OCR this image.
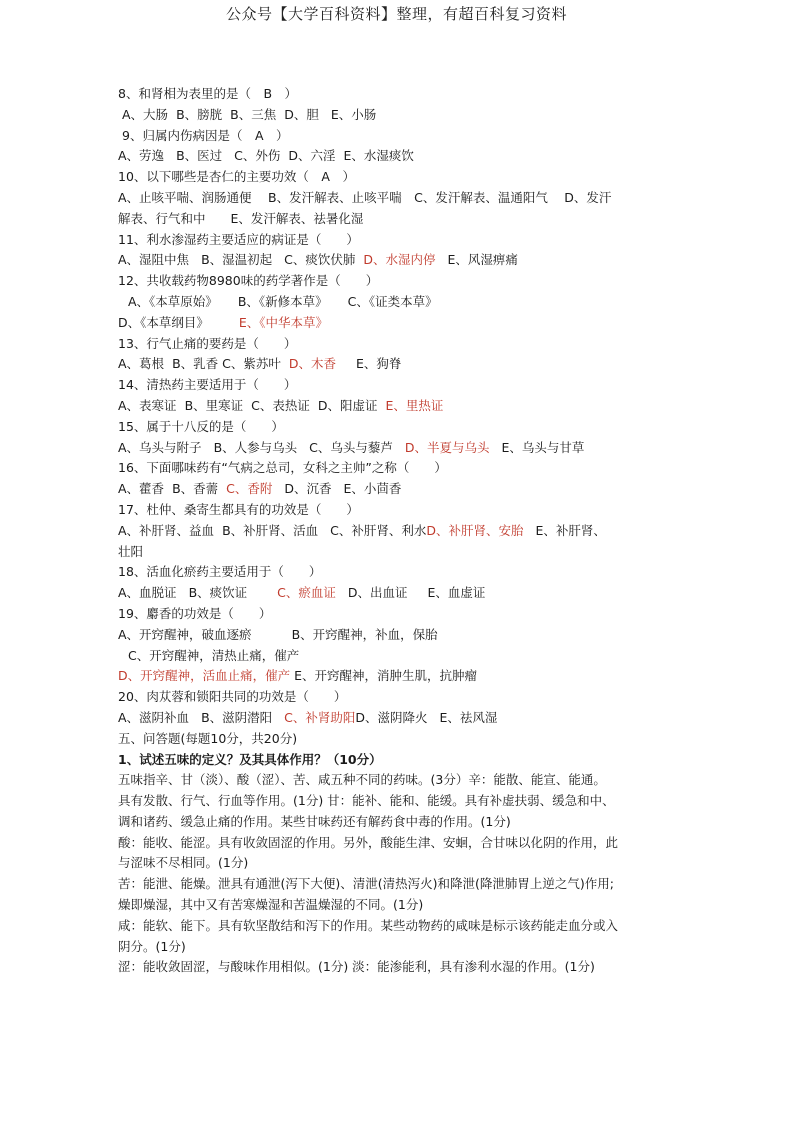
公众号【大学百科资料】整理，有超百科复习资料
8、和肾相为表里的是（　B　）
A、大肠 B、膀胱 B、三焦 D、胆 E、小肠
9、归属内伤病因是（　A　）
A、劳逸 B、医过 C、外伤 D、六淫 E、水湿痰饮
10、以下哪些是杏仁的主要功效（　A　）
A、止咳平喘、润肠通便　 B、发汗解表、止咳平喘　C、发汗解表、温通阳气　 D、发汗
解表、行气和中　　E、发汗解表、祛暑化湿
11、利水渗湿药主要适应的病证是（　　）
A、湿阻中焦 B、湿温初起 C、痰饮伏肺 D、水湿内停 E、风湿痹痛
12、共收载药物8980味的药学著作是（　　）
A、《本草原始》 B、《新修本草》 C、《证类本草》
D、《本草纲目》 E、《中华本草》
13、行气止痛的要药是（　　）
A、葛根 B、乳香 C、紫苏叶 D、木香 E、狗脊
14、清热药主要适用于（　　）
A、表寒证 B、里寒证 C、表热证 D、阳虚证 E、里热证
15、属于十八反的是（　　）
A、乌头与附子 B、人参与乌头 C、乌头与藜芦 D、半夏与乌头 E、乌头与甘草
16、下面哪味药有“气病之总司，女科之主帅”之称（　　）
A、藿香 B、香薷 C、香附 D、沉香 E、小茴香
17、杜仲、桑寄生都具有的功效是（　　）
A、补肝肾、益血 B、补肝肾、活血 C、补肝肾、利水D、补肝肾、安胎 E、补肝肾、
壮阳
18、活血化瘀药主要适用于（　　）
A、血脱证 B、痰饮证 C、瘀血证 D、出血证 E、血虚证
19、麝香的功效是（　　）
A、开窍醒神，破血逐瘀	B、开窍醒神，补血，保胎
C、开窍醒神，清热止痛，催产
D、开窍醒神，活血止痛，催产 E、开窍醒神，消肿生肌，抗肿瘤
20、肉苁蓉和锁阳共同的功效是（　　）
A、滋阴补血 B、滋阴潜阳 C、补肾助阳D、滋阴降火 E、祛风湿
五、问答题(每题10分，共20分)
1、试述五味的定义？及其具体作用？（10分）
五味指辛、甘（淡）、酸（涩）、苦、咸五种不同的药味。(3分）辛：能散、能宣、能通。
具有发散、行气、行血等作用。(1分) 甘：能补、能和、能缓。具有补虚扶弱、缓急和中、
调和诸药、缓急止痛的作用。某些甘味药还有解药食中毒的作用。(1分)
酸：能收、能涩。具有收敛固涩的作用。另外，酸能生津、安蛔，合甘味以化阴的作用，此
与涩味不尽相同。(1分)
苦：能泄、能燥。泄具有通泄(泻下大便)、清泄(清热泻火)和降泄(降泄肺胃上逆之气)作用;
燥即燥湿，其中又有苦寒燥湿和苦温燥湿的不同。(1分)
咸：能软、能下。具有软坚散结和泻下的作用。某些动物药的咸味是标示该药能走血分或入
阴分。(1分)
涩：能收敛固涩，与酸味作用相似。(1分) 淡：能渗能利，具有渗利水湿的作用。(1分)
